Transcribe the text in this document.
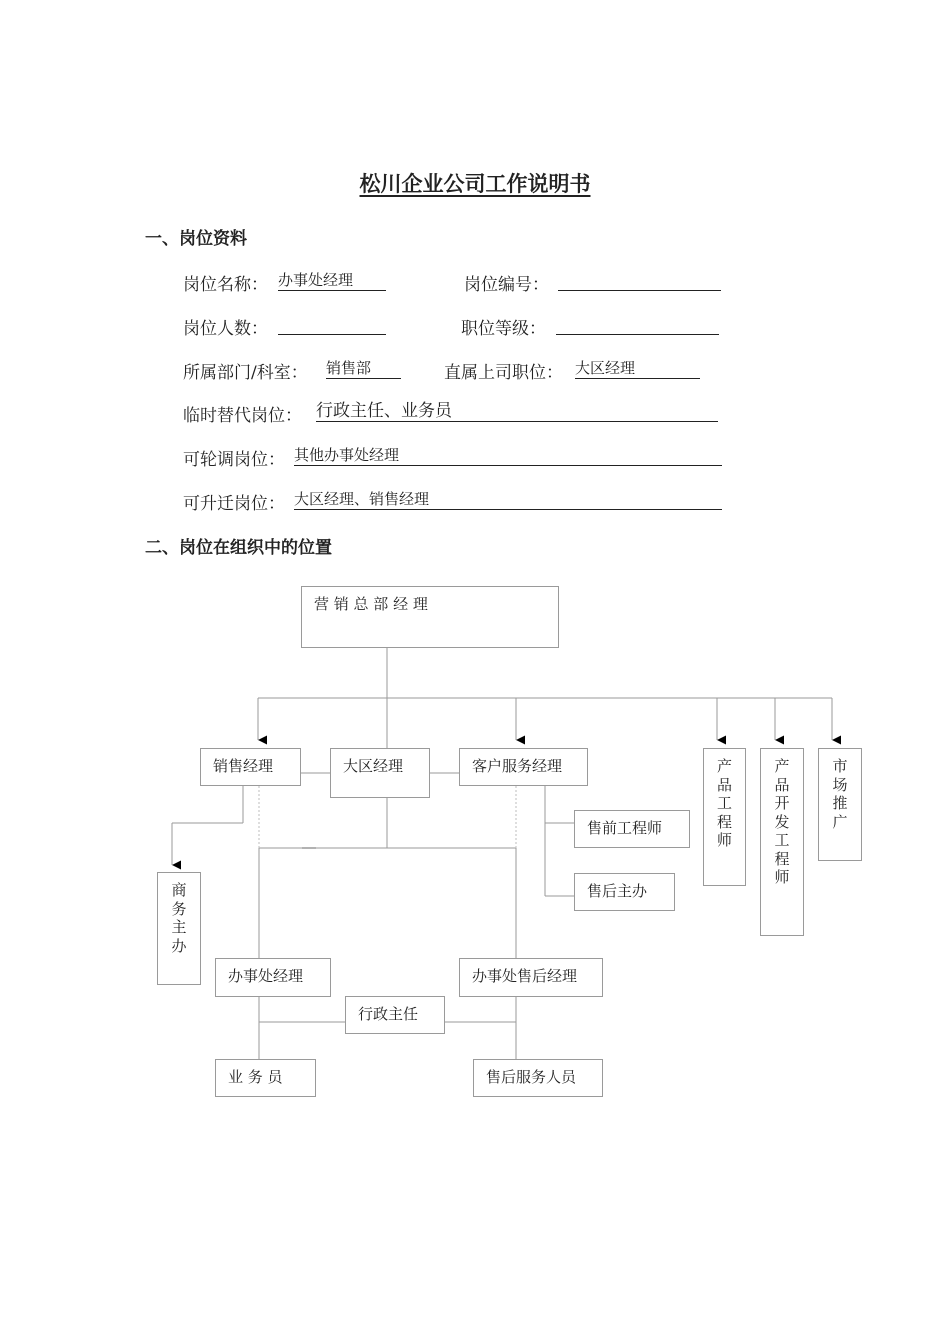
松川企业公司工作说明书
一、岗位资料
岗位名称： 办事处经理	岗位编号：
岗位人数：	职位等级：
所属部门/科室： 销售部	直属上司职位： 大区经理
临时替代岗位： 行政主任、业务员
可轮调岗位： 其他办事处经理
可升迁岗位： 大区经理、销售经理
二、岗位在组织中的位置
营 销 总 部 经 理
销售经理	大区经理	客户服务经理	产品工程师
产品开发工程师
市场推广
售前工程师
售后主办
商务主办
办事处经理	办事处售后经理
行政主任
业 务 员	售后服务人员
